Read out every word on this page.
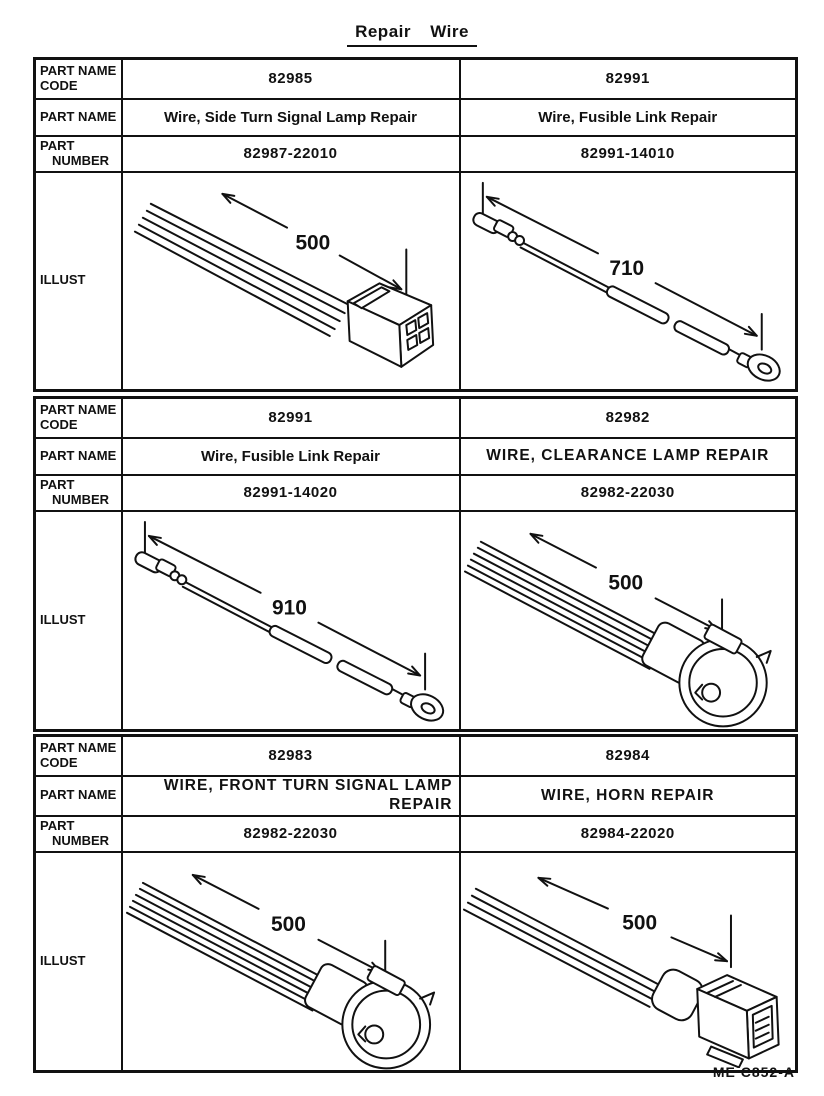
Repair Wire
PART NAME
CODE	82985	82991
PART NAME	Wire, Side Turn Signal Lamp Repair	Wire, Fusible Link Repair
PART
NUMBER	82987-22010	82991-14010
ILLUST	500	710
PART NAME
CODE	82991	82982
PART NAME	Wire, Fusible Link Repair	WIRE, CLEARANCE LAMP REPAIR
PART
NUMBER	82991-14020	82982-22030
ILLUST	910	500
PART NAME
CODE	82983	82984
PART NAME	WIRE, FRONT TURN SIGNAL LAMP REPAIR	WIRE, HORN REPAIR
PART
NUMBER	82982-22030	82984-22020
ILLUST	500	500
ME C852-A
